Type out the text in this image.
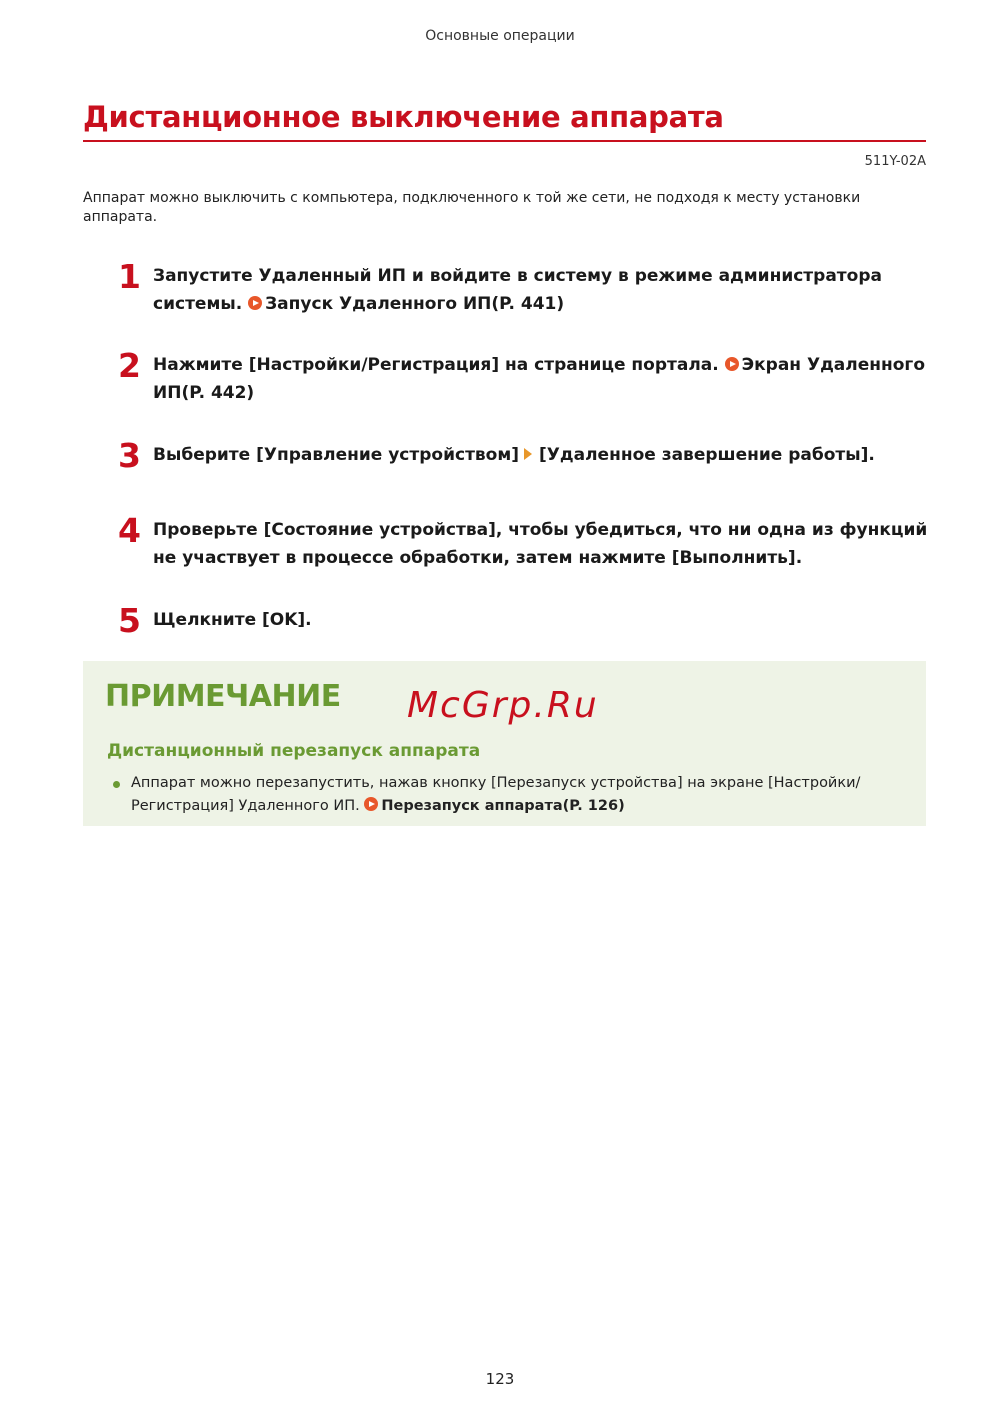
Основные операции
Дистанционное выключение аппарата
511Y-02A
Аппарат можно выключить с компьютера, подключенного к той же сети, не подходя к месту установки аппарата.
1 Запустите Удаленный ИП и войдите в систему в режиме администратора системы. Запуск Удаленного ИП(P. 441)
2 Нажмите [Настройки/Регистрация] на странице портала. Экран Удаленного ИП(P. 442)
3 Выберите [Управление устройством] [Удаленное завершение работы].
4 Проверьте [Состояние устройства], чтобы убедиться, что ни одна из функций не участвует в процессе обработки, затем нажмите [Выполнить].
5 Щелкните [OK].
ПРИМЕЧАНИЕ McGrp.Ru
Дистанционный перезапуск аппарата
Аппарат можно перезапустить, нажав кнопку [Перезапуск устройства] на экране [Настройки/Регистрация] Удаленного ИП. Перезапуск аппарата(P. 126)
123
